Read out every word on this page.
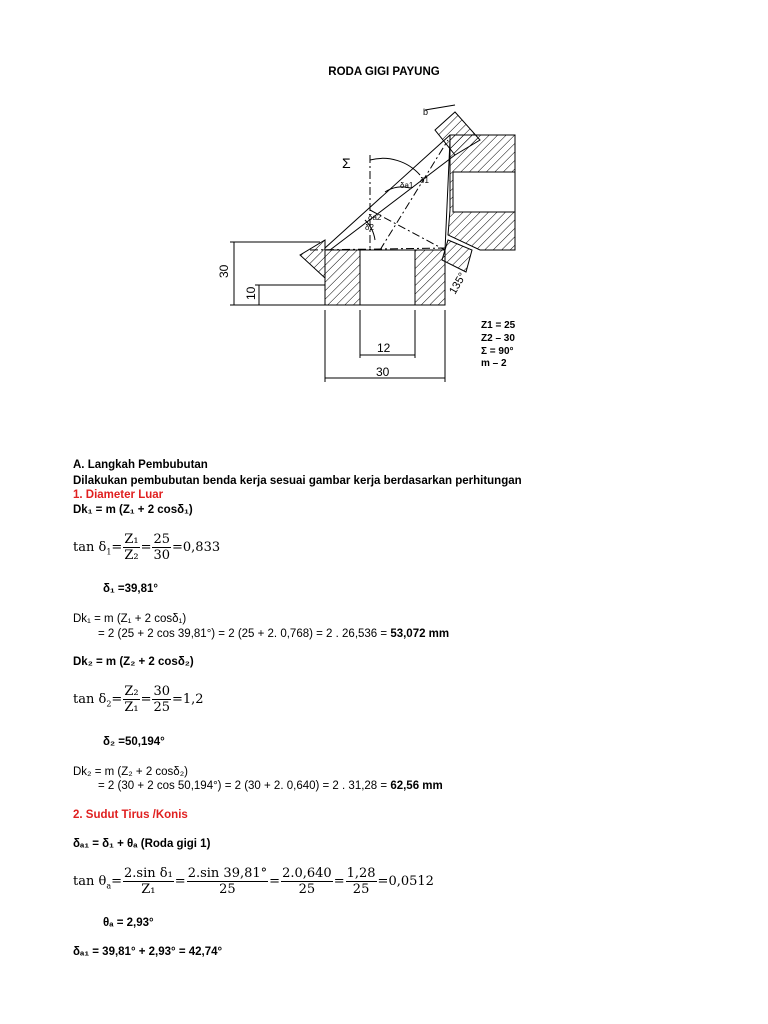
RODA GIGI PAYUNG
b
Σ
δa1
δ1
δa2
δ2
30
10
12
30
135°
Z1 = 25
Z2 – 30
Σ = 90°
m – 2
A. Langkah Pembubutan
Dilakukan pembubutan benda kerja sesuai gambar kerja berdasarkan perhitungan
1. Diameter Luar
Dk₁ = m (Z₁ + 2 cosδ₁)
$\tan \delta_1= \frac{\text{Z₁}}{\text{Z₂}} = \frac{25}{30} =0,833$
δ₁ =39,81°
Dk₁ = m (Z₁ + 2 cosδ₁)
= 2 (25 + 2 cos 39,81°) = 2 (25 + 2. 0,768) = 2 . 26,536 = 53,072 mm
Dk₂ = m (Z₂ + 2 cosδ₂)
$\tan \delta_2= \frac{\text{Z₂}}{\text{Z₁}} = \frac{30}{25} =1,2$
δ₂ =50,194°
Dk₂ = m (Z₂ + 2 cosδ₂)
= 2 (30 + 2 cos 50,194°) = 2 (30 + 2. 0,640) = 2 . 31,28 = 62,56 mm
2. Sudut Tirus /Konis
δₐ₁ = δ₁ + θₐ (Roda gigi 1)
$\tan \theta_a= \frac{\text{2.sin δ₁}}{\text{Z₁}} = \frac{2.\sin 39,81^\circ}{25} = \frac{2.0,640}{25} = \frac{1,28}{25} =0,0512$
θₐ = 2,93°
δₐ₁ = 39,81° + 2,93° = 42,74°
